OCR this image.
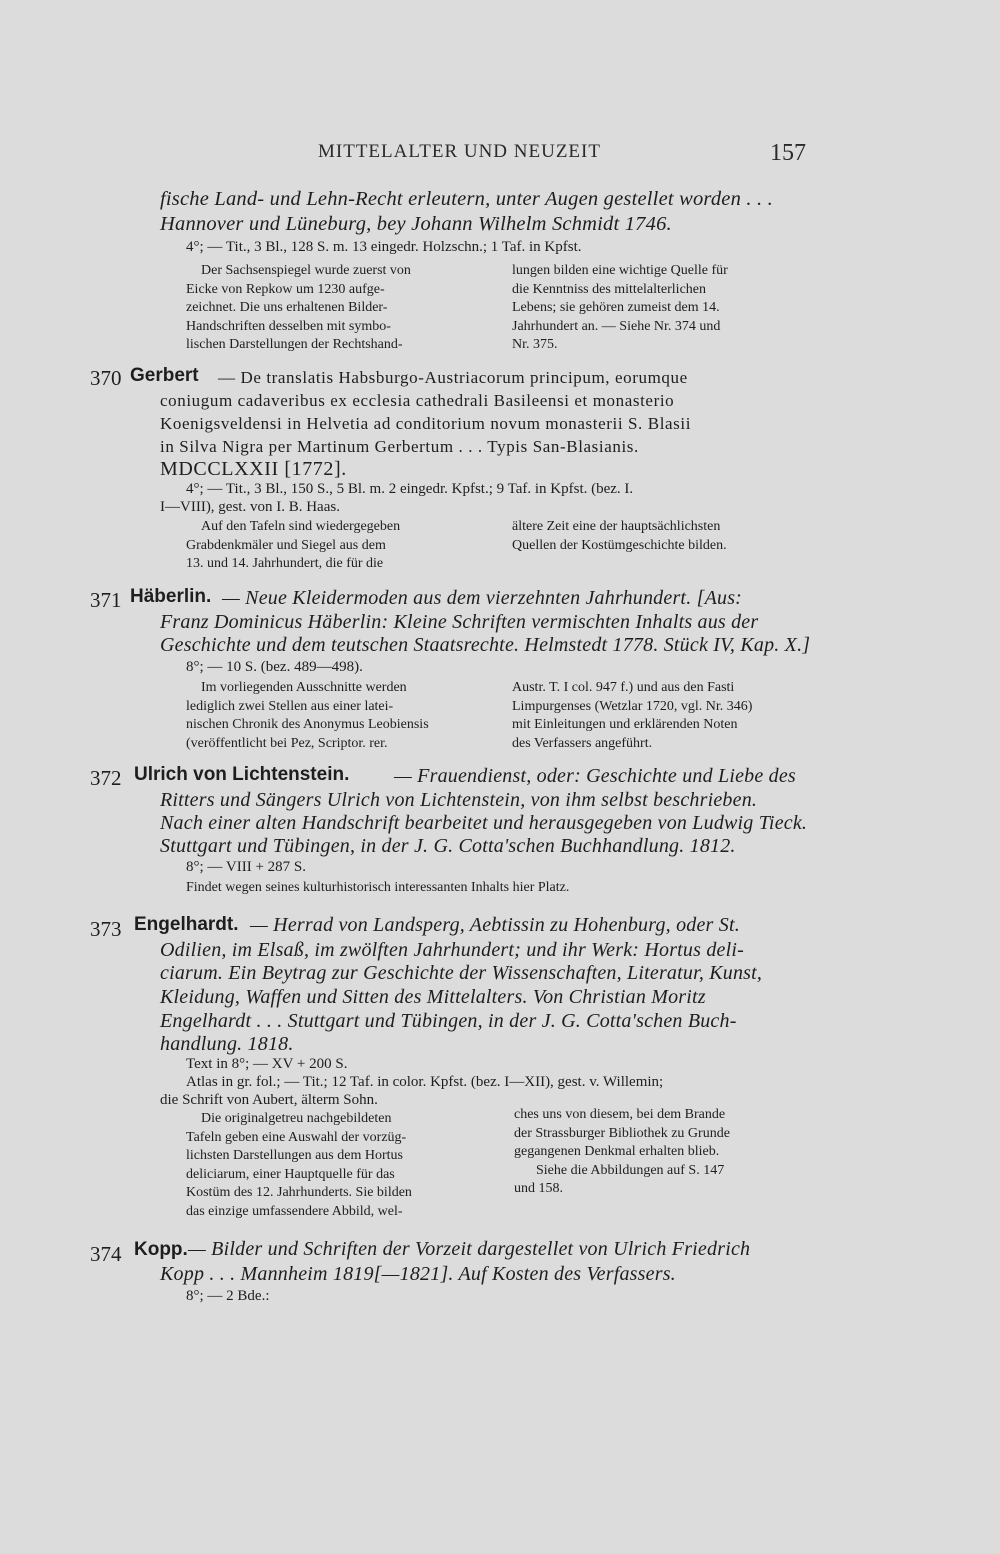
MITTELALTER UND NEUZEIT	157
fische Land- und Lehn-Recht erleutern, unter Augen gestellet worden . . .
Hannover und Lüneburg, bey Johann Wilhelm Schmidt 1746.
4°; — Tit., 3 Bl., 128 S. m. 13 eingedr. Holzschn.; 1 Taf. in Kpfst.
Der Sachsenspiegel wurde zuerst von
Eicke von Repkow um 1230 aufge-
zeichnet. Die uns erhaltenen Bilder-
Handschriften desselben mit symbo-
lischen Darstellungen der Rechtshand-
lungen bilden eine wichtige Quelle für
die Kenntniss des mittelalterlichen
Lebens; sie gehören zumeist dem 14.
Jahrhundert an. — Siehe Nr. 374 und
Nr. 375.
370 Gerbert — De translatis Habsburgo-Austriacorum principum, eorumque
coniugum cadaveribus ex ecclesia cathedrali Basileensi et monasterio
Koenigsveldensi in Helvetia ad conditorium novum monasterii S. Blasii
in Silva Nigra per Martinum Gerbertum . . . Typis San-Blasianis.
MDCCLXXII [1772].
4°; — Tit., 3 Bl., 150 S., 5 Bl. m. 2 eingedr. Kpfst.; 9 Taf. in Kpfst. (bez. I.
I—VIII), gest. von I. B. Haas.
Auf den Tafeln sind wiedergegeben
Grabdenkmäler und Siegel aus dem
13. und 14. Jahrhundert, die für die
ältere Zeit eine der hauptsächlichsten
Quellen der Kostümgeschichte bilden.
371 Häberlin. — Neue Kleidermoden aus dem vierzehnten Jahrhundert. [Aus:
Franz Dominicus Häberlin: Kleine Schriften vermischten Inhalts aus der
Geschichte und dem teutschen Staatsrechte. Helmstedt 1778. Stück IV, Kap. X.]
8°; — 10 S. (bez. 489—498).
Im vorliegenden Ausschnitte werden
lediglich zwei Stellen aus einer latei-
nischen Chronik des Anonymus Leobiensis
(veröffentlicht bei Pez, Scriptor. rer.
Austr. T. I col. 947 f.) und aus den Fasti
Limpurgenses (Wetzlar 1720, vgl. Nr. 346)
mit Einleitungen und erklärenden Noten
des Verfassers angeführt.
372 Ulrich von Lichtenstein. — Frauendienst, oder: Geschichte und Liebe des
Ritters und Sängers Ulrich von Lichtenstein, von ihm selbst beschrieben.
Nach einer alten Handschrift bearbeitet und herausgegeben von Ludwig Tieck.
Stuttgart und Tübingen, in der J. G. Cotta'schen Buchhandlung. 1812.
8°; — VIII + 287 S.
Findet wegen seines kulturhistorisch interessanten Inhalts hier Platz.
373 Engelhardt. — Herrad von Landsperg, Aebtissin zu Hohenburg, oder St.
Odilien, im Elsaß, im zwölften Jahrhundert; und ihr Werk: Hortus deli-
ciarum. Ein Beytrag zur Geschichte der Wissenschaften, Literatur, Kunst,
Kleidung, Waffen und Sitten des Mittelalters. Von Christian Moritz
Engelhardt . . . Stuttgart und Tübingen, in der J. G. Cotta'schen Buch-
handlung. 1818.
Text in 8°; — XV + 200 S.
Atlas in gr. fol.; — Tit.; 12 Taf. in color. Kpfst. (bez. I—XII), gest. v. Willemin;
die Schrift von Aubert, älterm Sohn.
Die originalgetreu nachgebildeten
Tafeln geben eine Auswahl der vorzüg-
lichsten Darstellungen aus dem Hortus
deliciarum, einer Hauptquelle für das
Kostüm des 12. Jahrhunderts. Sie bilden
das einzige umfassendere Abbild, wel-
ches uns von diesem, bei dem Brande
der Strassburger Bibliothek zu Grunde
gegangenen Denkmal erhalten blieb.
Siehe die Abbildungen auf S. 147
und 158.
374 Kopp. — Bilder und Schriften der Vorzeit dargestellet von Ulrich Friedrich
Kopp . . . Mannheim 1819[—1821]. Auf Kosten des Verfassers.
8°; — 2 Bde.:
